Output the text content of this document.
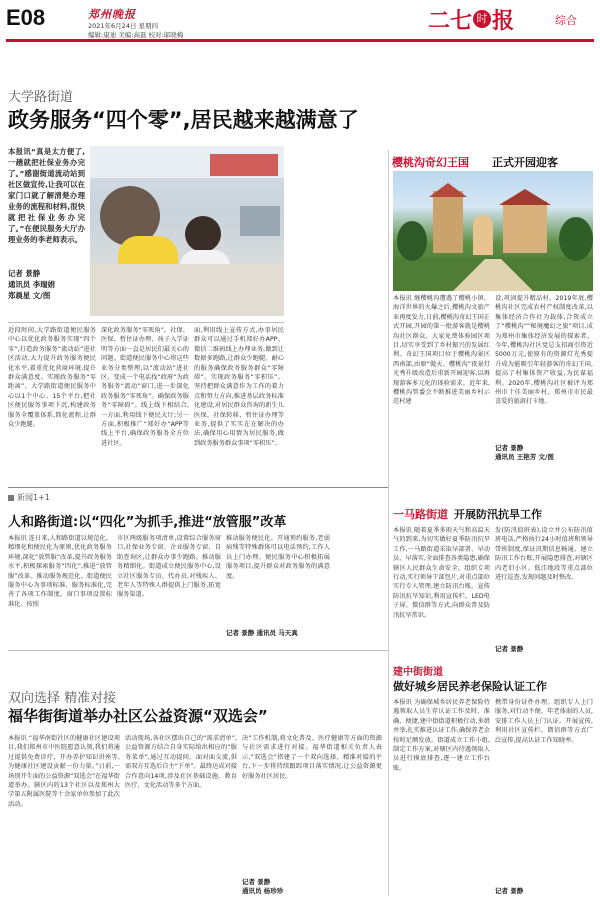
E08	郑州晚报
2021年6月24日 星期四
编辑:康迪 美编:高磊 校对:邬晓梅
二七 时 报	综合
大学路街道
政务服务“四个零”,居民越来越满意了
本报讯“真是太方便了,一趟就把社保业务办完了。”感谢街道流动站到社区做宣传,让我可以在家门口就了解清楚办理业务的流程和材料,很快就把社保业务办完了。”在便民服务大厅办理业务的李老师表示。
记者 景静
通讯员 李瑞娟
郑晨星 文/图
近段时间,大学路街道便民服务中心以优化政务服务实现“四个零”,打造政务服务“流动站”进社区活动,大力提升政务服务便民化水平,着重优化营商环境,提升群众满意度。实现政务服务“零距离”。大学路街道便民服务中心以1个中心、15个平台,把社区便民服务事项下沉,构建政务服务全覆盖体系,简化流程,让群众少跑腿。
深化政务服务“零死角”。社保、医保、暂住证办理、孩子入学证明等方面一直是居民们最关心的问题。街道便民服务中心将这些业务分类整理,以“流动站”进社区、变成一个电话找“政府”为政务服务“流动”窗口,进一步深化政务服务“零死角”。确保政务服务“零障碍”。线上线下相结合,一方面,利用线下便民大厅;另一方面,积极推广“郑好办”APP等线上平台,确保政务服务全方位进社区。
面,利用线上宣传方式,办事居民群众可以通过手机郑好办APP、微信二维码线上办理业务,做到让数据多跑路,让群众少跑腿。耐心的服务确保政务服务群众“零障碍”。实现政务服务“零积压”。坚持把群众满意作为工作的着力点和努力方向,推进基层政务标准化建设,对居民群众咨询的新生儿医保、社保转移、暂住证办理等业务,提供了实实在在解决的办法,确保用心用情为居民服务,做到政务服务群众事项“零积压”。
樱桃沟奇幻王国 正式开园迎客
本报讯 继樱桃沟遭遇了樱桃小镇、海洋世界的火爆之后,樱桃沟文旅产业再度发力,日前,樱桃沟奇幻王国正式开园,开园的第一批游客就是樱桃沟社区群众。大家免费体验园区项目,切实享受到了乡村振兴的发展红利。奇幻王国项目位于樱桃沟景区西南部,由原“傲天、樱桃沟”夜景灯光秀升级改造后重新开园迎客,以再现游客多元化的体验需求。近年来,樱桃沟管委会不断推进美丽乡村示范村建
设,巩固提升精品村。2019年底,樱桃沟社区完成农村产权制度改革,以集体经济合作社为载体,合资成立了“樱桃沟”“秘境魔幻之旅”项目,成为郑州市集体经济发展的探索者。今年,樱桃沟社区党总支招商引资近5000万元,使原有的资源灯光秀提升成为能吸引年轻游客的奇幻王国,提高了村集体资产收益,为民谋福利。2020年,樱桃沟社区被评为郑州市十佳美丽乡村、郑州市市民最喜爱的旅游打卡地。
记者 景静
通讯员 王艳芳 文/图
新闻1+1
人和路街道:以“四化”为抓手,推进“放管服”改革
本报讯 连日来,人和路街道以规范化、精细化和便民化为原则,优化政务服务环境,深化“放管服”改革,提升政务服务水平,积极探索服务“四化”,推进“放管服”改革。推动服务规范化。街道便民服务中心为事项标准、服务标准化,完善了各项工作制度。窗口事项设置标准化。按照
市区两级服务项清单,设置综合服务窗口,社保业务专窗、企业服务专窗、自助查询区,让群众办事少跑路。推动服务精细化。街道成立便民服务中心,设立社区服务专员、代办员,对残疾人、老年人等特殊人群提供上门服务,拓宽服务渠道。
推动服务便民化。开通预约服务,老弱病残等特殊群体可以电话预约,工作人员上门办理。便民服务中心积极拓展服务项目,提升群众对政务服务的满意度。
记者 景静 通讯员 马天真
一马路街道 开展防汛抗旱工作
本报讯 随着夏季多雨天气和高温天气的到来,为切实做好夏季防汛抗旱工作,一马路街道采取早部署、早动员、早落实,全面排查各类隐患,确保辖区人民群众生命安全。组织专项行动,实行领导干部包片,对重点部位实行专人管理,建立防汛台账。宣传防汛抗旱知识,利用宣传栏、LED电子屏、微信群等方式,向群众普及防汛抗旱常识。
发(防汛值班表),设立并公布防汛值班电话,严格执行24小时值班和领导带班制度,保证汛期信息畅通。建立防汛工作台账,开展隐患排查,对辖区内老旧小区、低洼地段等重点部位进行巡查,发现问题及时整改。
记者 景静
建中街街道
做好城乡居民养老保险认证工作
本报讯 为确保城乡居民养老保险待遇领取人员生存认证工作及时、准确、便捷,建中街街道积极行动,多措并举,扎实推进认证工作,确保养老金按时足额发放。街道成立工作小组,制定工作方案,对辖区内待遇领取人员进行摸底排查,逐一建立工作台账。
携带身份证件办理。组织专人上门服务,对行动不便、年老体弱的人员,安排工作人员上门认证。开展宣传,利用社区宣传栏、微信群等方式广泛宣传,提高认证工作知晓率。
记者 景静
双向选择 精准对接
福华街街道举办社区公益资源“双选会”
本报讯 “福华南街社区的健康社区建设项目,我们郑州市中医院愿意认领,我们将通过提供免费诊疗、开办养护知识讲座等,为健康社区建设贡献一份力量。”日前,一场别开生面的公益资源“双选会”在福华街道举办。辖区内的13个社区以及郑州大学第五附属医院等十余家单位参加了此次活动。
活动现场,各社区摆出自己的“需求清单”,公益资源方结合自身实际给出相应的“服务菜单”,通过互动提问、面对面交流,供需双方互选后自主“下单”。最终达成对接合作意向14项,涉及社区基础设施、教育医疗、文化活动等多个方面。
决”工作机制,将文化普及、医疗健康等方面的资源与社区需求进行对接。福华街道相关负责人表示,“双选会”搭建了一个双向选择、精准对接的平台,下一步将持续跟踪项目落实情况,让公益资源更好服务社区居民。
记者 景静
通讯员 杨珍珍
